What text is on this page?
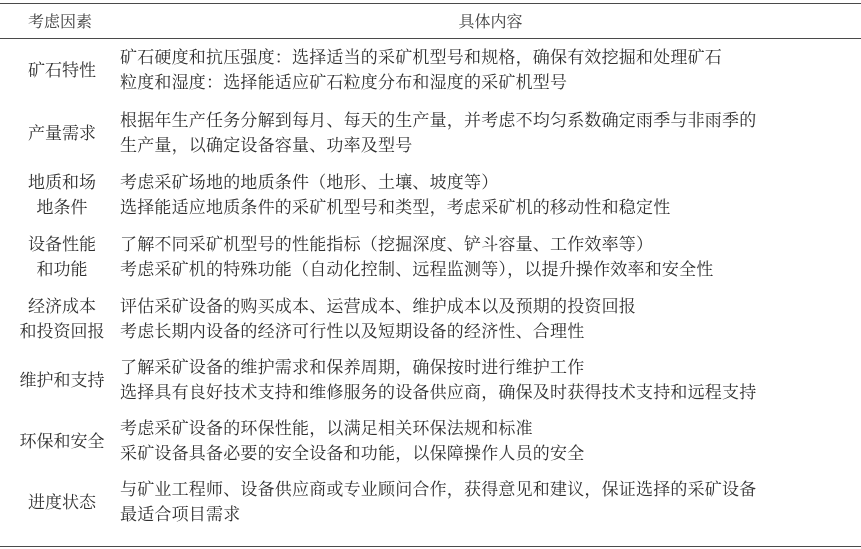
考虑因素	具体内容
矿石特性
矿石硬度和抗压强度：选择适当的采矿机型号和规格，确保有效挖掘和处理矿石
粒度和湿度：选择能适应矿石粒度分布和湿度的采矿机型号
产量需求
根据年生产任务分解到每月、每天的生产量，并考虑不均匀系数确定雨季与非雨季的
生产量，以确定设备容量、功率及型号
地质和场
地条件
考虑采矿场地的地质条件（地形、土壤、坡度等）
选择能适应地质条件的采矿机型号和类型，考虑采矿机的移动性和稳定性
设备性能
和功能
了解不同采矿机型号的性能指标（挖掘深度、铲斗容量、工作效率等）
考虑采矿机的特殊功能（自动化控制、远程监测等），以提升操作效率和安全性
经济成本
和投资回报
评估采矿设备的购买成本、运营成本、维护成本以及预期的投资回报
考虑长期内设备的经济可行性以及短期设备的经济性、合理性
维护和支持
了解采矿设备的维护需求和保养周期，确保按时进行维护工作
选择具有良好技术支持和维修服务的设备供应商，确保及时获得技术支持和远程支持
环保和安全
考虑采矿设备的环保性能，以满足相关环保法规和标准
采矿设备具备必要的安全设备和功能，以保障操作人员的安全
进度状态
与矿业工程师、设备供应商或专业顾问合作，获得意见和建议，保证选择的采矿设备
最适合项目需求
